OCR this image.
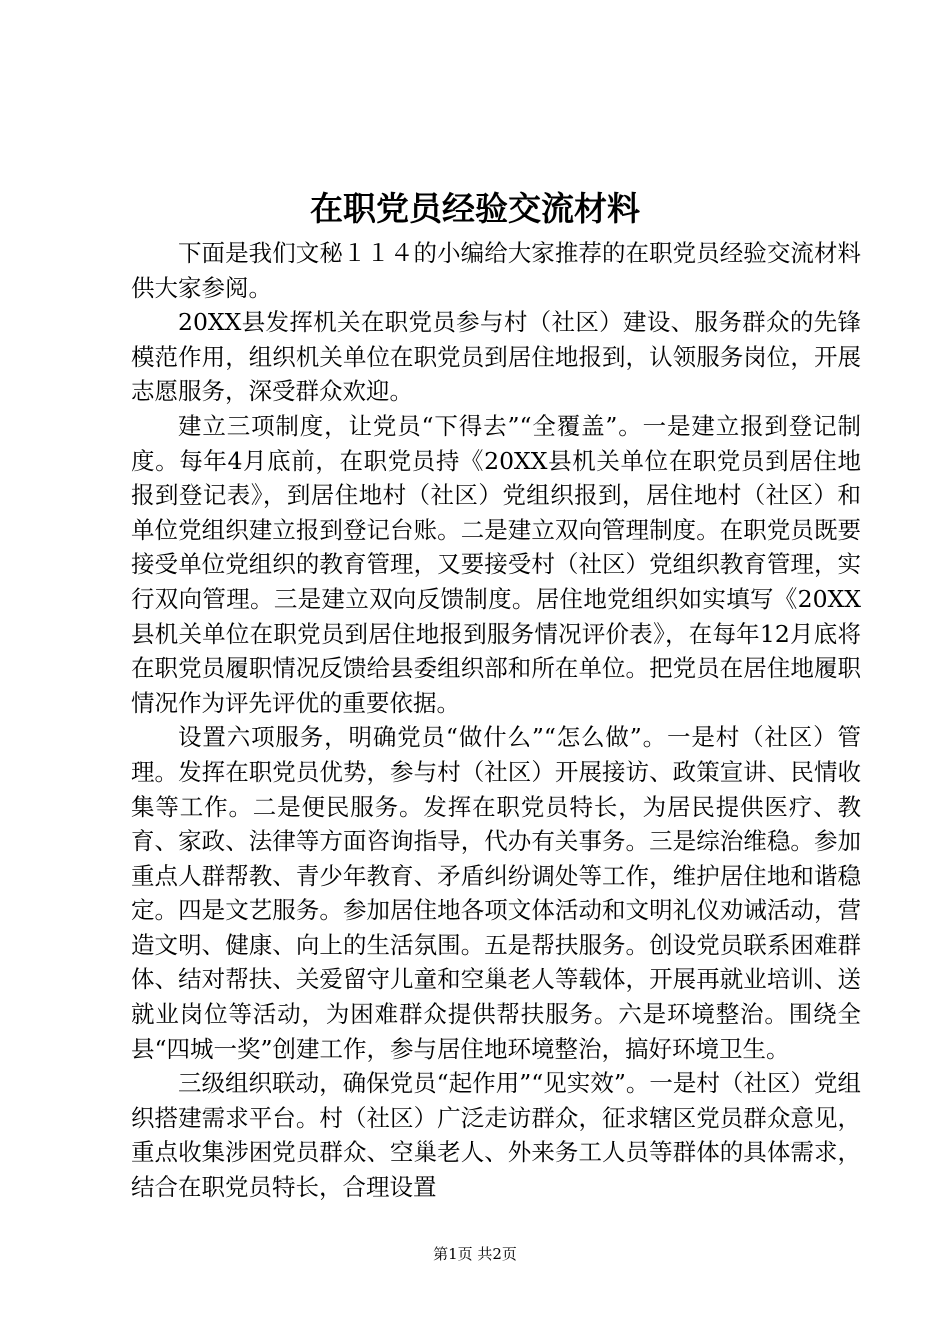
在职党员经验交流材料

下面是我们文秘１１４的小编给大家推荐的在职党员经验交流材料供大家参阅。

20XX县发挥机关在职党员参与村（社区）建设、服务群众的先锋模范作用，组织机关单位在职党员到居住地报到，认领服务岗位，开展志愿服务，深受群众欢迎。

建立三项制度，让党员“下得去”“全覆盖”。一是建立报到登记制度。每年4月底前，在职党员持《20XX县机关单位在职党员到居住地报到登记表》，到居住地村（社区）党组织报到，居住地村（社区）和单位党组织建立报到登记台账。二是建立双向管理制度。在职党员既要接受单位党组织的教育管理，又要接受村（社区）党组织教育管理，实行双向管理。三是建立双向反馈制度。居住地党组织如实填写《20XX县机关单位在职党员到居住地报到服务情况评价表》，在每年12月底将在职党员履职情况反馈给县委组织部和所在单位。把党员在居住地履职情况作为评先评优的重要依据。

设置六项服务，明确党员“做什么”“怎么做”。一是村（社区）管理。发挥在职党员优势，参与村（社区）开展接访、政策宣讲、民情收集等工作。二是便民服务。发挥在职党员特长，为居民提供医疗、教育、家政、法律等方面咨询指导，代办有关事务。三是综治维稳。参加重点人群帮教、青少年教育、矛盾纠纷调处等工作，维护居住地和谐稳定。四是文艺服务。参加居住地各项文体活动和文明礼仪劝诫活动，营造文明、健康、向上的生活氛围。五是帮扶服务。创设党员联系困难群体、结对帮扶、关爱留守儿童和空巢老人等载体，开展再就业培训、送就业岗位等活动，为困难群众提供帮扶服务。六是环境整治。围绕全县“四城一奖”创建工作，参与居住地环境整治，搞好环境卫生。

三级组织联动，确保党员“起作用”“见实效”。一是村（社区）党组织搭建需求平台。村（社区）广泛走访群众，征求辖区党员群众意见，重点收集涉困党员群众、空巢老人、外来务工人员等群体的具体需求，结合在职党员特长，合理设置

第1页 共2页
